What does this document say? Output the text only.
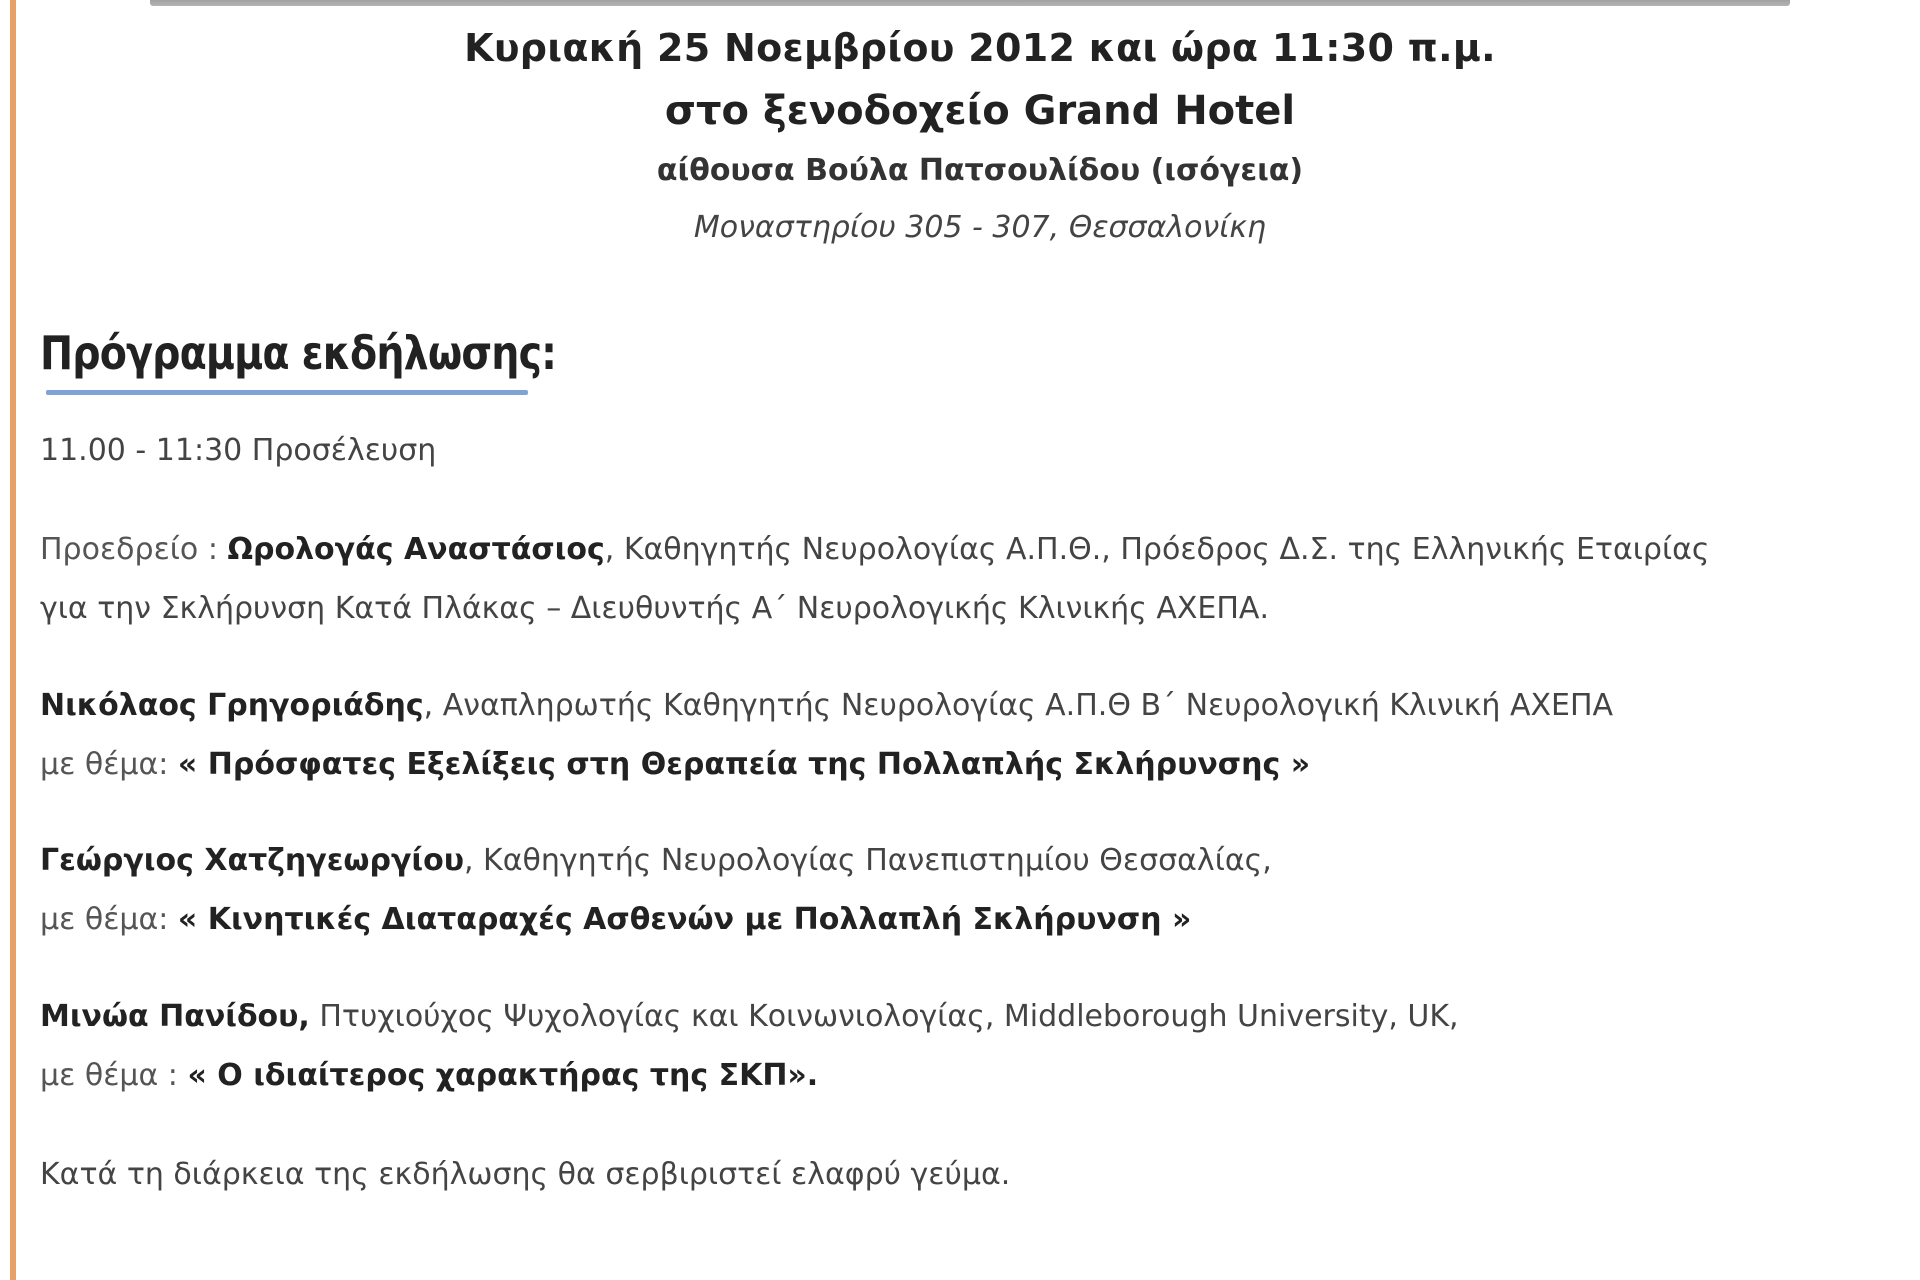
Κυριακή 25 Νοεμβρίου 2012 και ώρα 11:30 π.μ.
στο ξενοδοχείο Grand Hotel
αίθουσα Βούλα Πατσουλίδου (ισόγεια)
Μοναστηρίου 305 - 307, Θεσσαλονίκη
Πρόγραμμα εκδήλωσης:
11.00 - 11:30 Προσέλευση
Προεδρείο : Ωρολογάς Αναστάσιος, Καθηγητής Νευρολογίας Α.Π.Θ., Πρόεδρος Δ.Σ. της Ελληνικής Εταιρίας
για την Σκλήρυνση Κατά Πλάκας – Διευθυντής Α΄ Νευρολογικής Κλινικής ΑΧΕΠΑ.
Νικόλαος Γρηγοριάδης, Αναπληρωτής Καθηγητής Νευρολογίας Α.Π.Θ Β΄ Νευρολογική Κλινική ΑΧΕΠΑ
με θέμα: « Πρόσφατες Εξελίξεις στη Θεραπεία της Πολλαπλής Σκλήρυνσης »
Γεώργιος Χατζηγεωργίου, Καθηγητής Νευρολογίας Πανεπιστημίου Θεσσαλίας,
με θέμα: « Κινητικές Διαταραχές Ασθενών με Πολλαπλή Σκλήρυνση »
Μινώα Πανίδου, Πτυχιούχος Ψυχολογίας και Κοινωνιολογίας, Middleborough University, UK,
με θέμα : « Ο ιδιαίτερος χαρακτήρας της ΣΚΠ».
Κατά τη διάρκεια της εκδήλωσης θα σερβιριστεί ελαφρύ γεύμα.
